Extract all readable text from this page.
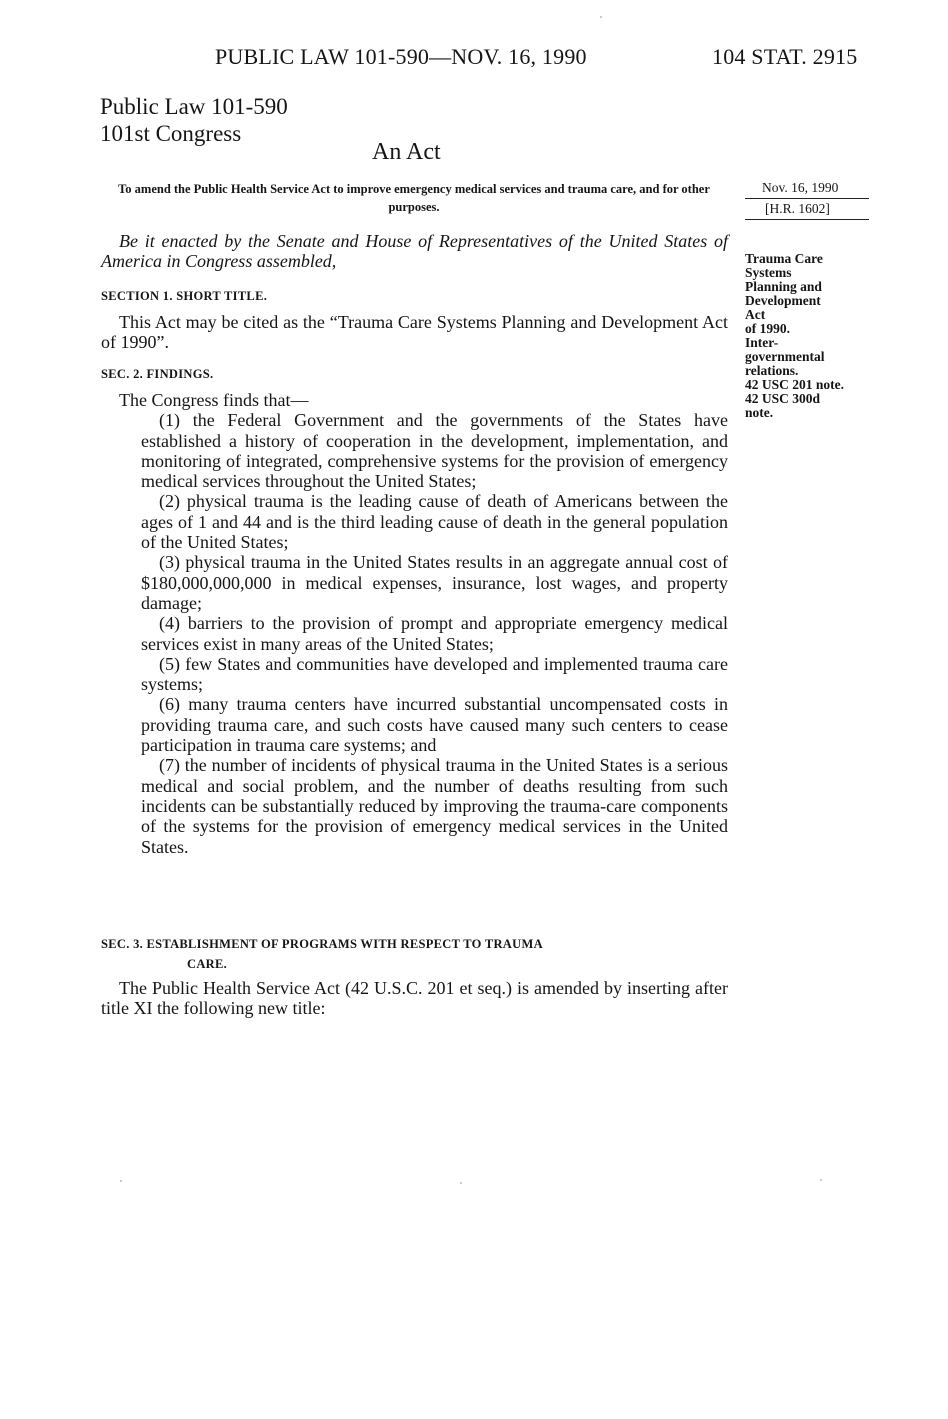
PUBLIC LAW 101-590—NOV. 16, 1990	104 STAT. 2915
Public Law 101-590
101st Congress
An Act
To amend the Public Health Service Act to improve emergency medical services and trauma care, and for other purposes.
Nov. 16, 1990
[H.R. 1602]
Trauma Care
Systems
Planning and
Development
Act
of 1990.
Inter-
governmental
relations.
42 USC 201 note.
42 USC 300d
note.

Be it enacted by the Senate and House of Representatives of the United States of America in Congress assembled,

SECTION 1. SHORT TITLE.

This Act may be cited as the “Trauma Care Systems Planning and Development Act of 1990”.

SEC. 2. FINDINGS.

The Congress finds that—

(1) the Federal Government and the governments of the States have established a history of cooperation in the development, implementation, and monitoring of integrated, comprehensive systems for the provision of emergency medical services throughout the United States;

(2) physical trauma is the leading cause of death of Americans between the ages of 1 and 44 and is the third leading cause of death in the general population of the United States;

(3) physical trauma in the United States results in an aggregate annual cost of $180,000,000,000 in medical expenses, insurance, lost wages, and property damage;

(4) barriers to the provision of prompt and appropriate emergency medical services exist in many areas of the United States;

(5) few States and communities have developed and implemented trauma care systems;

(6) many trauma centers have incurred substantial uncompensated costs in providing trauma care, and such costs have caused many such centers to cease participation in trauma care systems; and

(7) the number of incidents of physical trauma in the United States is a serious medical and social problem, and the number of deaths resulting from such incidents can be substantially reduced by improving the trauma-care components of the systems for the provision of emergency medical services in the United States.

SEC. 3. ESTABLISHMENT OF PROGRAMS WITH RESPECT TO TRAUMA
CARE.

The Public Health Service Act (42 U.S.C. 201 et seq.) is amended by inserting after title XI the following new title:
